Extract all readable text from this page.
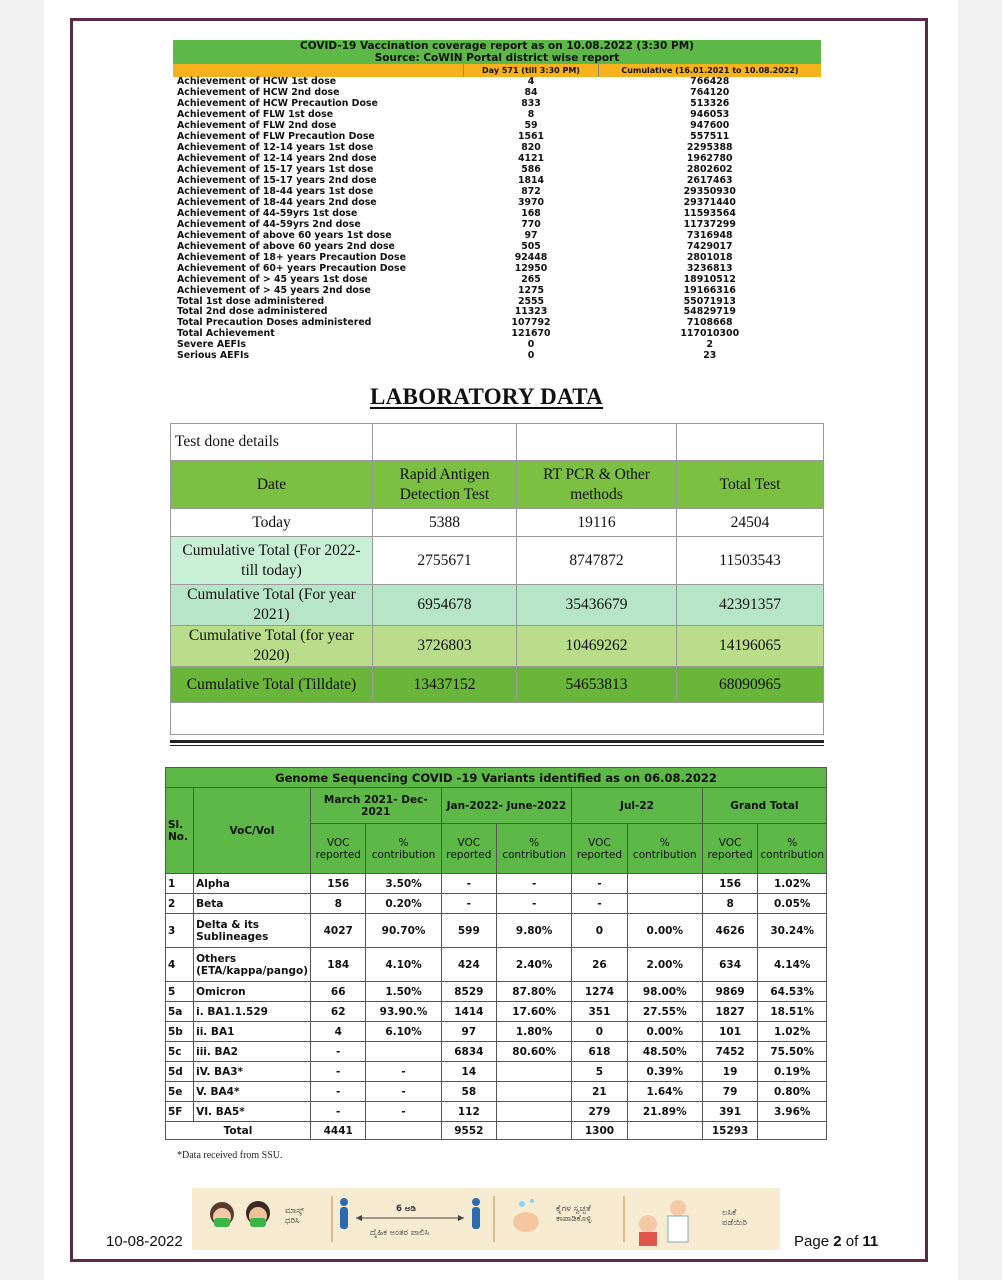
COVID-19 Vaccination coverage report as on 10.08.2022 (3:30 PM)		
Source: CoWIN Portal district wise report		
	Day 571 (till 3:30 PM)	Cumulative (16.01.2021 to 10.08.2022)
Achievement of HCW 1st dose	4	766428
Achievement of HCW 2nd dose	84	764120
Achievement of HCW Precaution Dose	833	513326
Achievement of FLW 1st dose	8	946053
Achievement of FLW 2nd dose	59	947600
Achievement of FLW Precaution Dose	1561	557511
Achievement of 12-14 years 1st dose	820	2295388
Achievement of 12-14 years 2nd dose	4121	1962780
Achievement of 15-17 years 1st dose	586	2802602
Achievement of 15-17 years 2nd dose	1814	2617463
Achievement of 18-44 years 1st dose	872	29350930
Achievement of 18-44 years 2nd dose	3970	29371440
Achievement of 44-59yrs 1st dose	168	11593564
Achievement of 44-59yrs 2nd dose	770	11737299
Achievement of above 60 years 1st dose	97	7316948
Achievement of above 60 years 2nd dose	505	7429017
Achievement of 18+ years Precaution Dose	92448	2801018
Achievement of 60+ years Precaution Dose	12950	3236813
Achievement of > 45 years 1st dose	265	18910512
Achievement of > 45 years 2nd dose	1275	19166316
Total 1st dose administered	2555	55071913
Total 2nd dose administered	11323	54829719
Total Precaution Doses administered	107792	7108668
Total Achievement	121670	117010300
Severe AEFIs	0	2
Serious AEFIs	0	23
LABORATORY DATA
Test done details			
Date	Rapid Antigen Detection Test	RT PCR & Other methods	Total Test
Today	5388	19116	24504
Cumulative Total (For 2022- till today)	2755671	8747872	11503543
Cumulative Total (For year 2021)	6954678	35436679	42391357
Cumulative Total (for year 2020)	3726803	10469262	14196065
Cumulative Total (Tilldate)	13437152	54653813	68090965

Genome Sequencing COVID -19 Variants identified as on 06.08.2022									
Sl. No.	VoC/VoI	March 2021- Dec-2021		Jan-2022- June-2022		Jul-22		Grand Total	
		VOC reported	% contribution	VOC reported	% contribution	VOC reported	% contribution	VOC reported	% contribution
1	Alpha	156	3.50%	-	-	-		156	1.02%
2	Beta	8	0.20%	-	-	-		8	0.05%
3	Delta & its Sublineages	4027	90.70%	599	9.80%	0	0.00%	4626	30.24%
4	Others (ETA/kappa/pango)	184	4.10%	424	2.40%	26	2.00%	634	4.14%
5	Omicron	66	1.50%	8529	87.80%	1274	98.00%	9869	64.53%
5a	i. BA1.1.529	62	93.90.%	1414	17.60%	351	27.55%	1827	18.51%
5b	ii. BA1	4	6.10%	97	1.80%	0	0.00%	101	1.02%
5c	iii. BA2	-		6834	80.60%	618	48.50%	7452	75.50%
5d	iV. BA3*	-	-	14		5	0.39%	19	0.19%
5e	V. BA4*	-	-	58		21	1.64%	79	0.80%
5F	VI. BA5*	-	-	112		279	21.89%	391	3.96%
Total		4441		9552		1300		15293	
*Data received from SSU.
ಮಾಸ್ಕ್ ಧರಿಸಿ
6 ಅಡಿ
ದೈಹಿಕ ಅಂತರ ಪಾಲಿಸಿ
ಕೈಗಳ ಸ್ವಚ್ಛತೆ ಕಾಪಾಡಿಕೊಳ್ಳಿ
ಲಸಿಕೆ ಪಡೆಯಿರಿ
10-08-2022	Page 2 of 11
